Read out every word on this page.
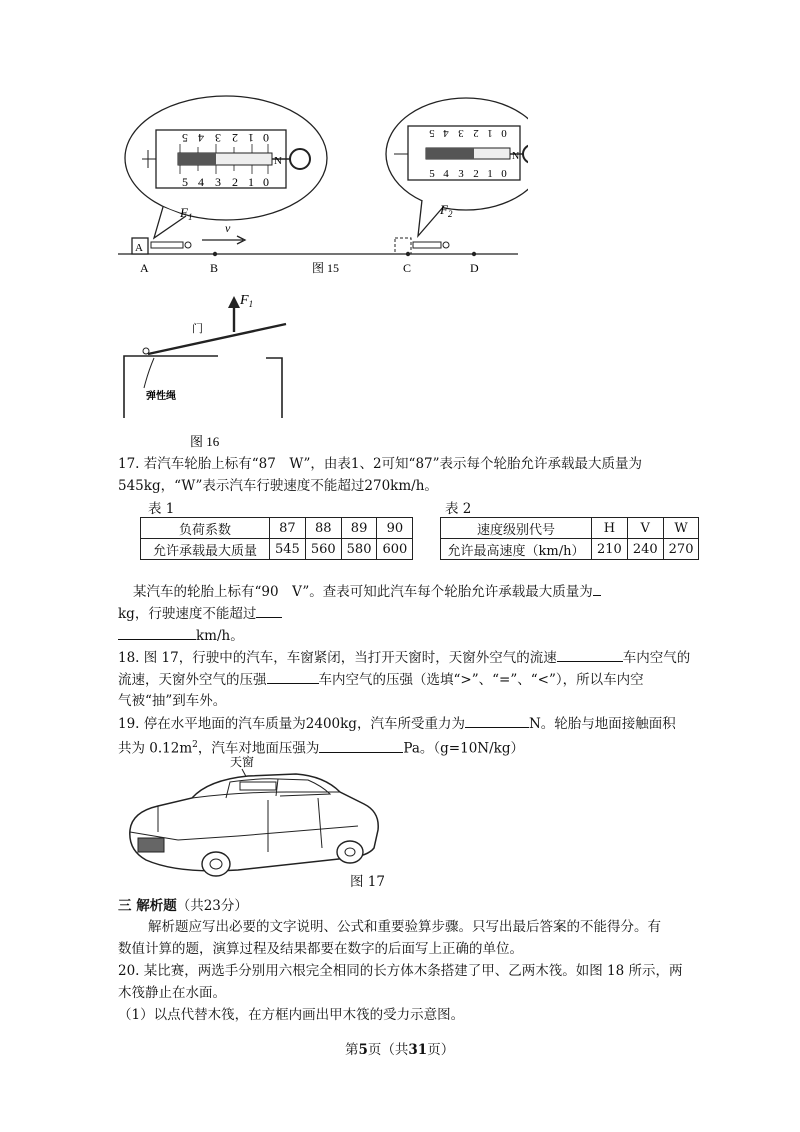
N
5 4 3 2 1 0
5 4 3 2 1 0
$F_1$
N
5 4 3 2 1 0
5 4 3 2 1 0
$F_2$
A
v
A	B	C	D
图 15
$F_1$
门
弹性绳
图 16
17. 若汽车轮胎上标有“87　W”，由表1、2可知“87”表示每个轮胎允许承载最大质量为
545kg，“W”表示汽车行驶速度不能超过270km/h。
表 1	表 2
负荷系数	87	88	89	90
允许承载最大质量	545	560	580	600
速度级别代号	H	V	W
允许最高速度（km/h）	210	240	270
某汽车的轮胎上标有“90　V”。查表可知此汽车每个轮胎允许承载最大质量为
kg，行驶速度不能超过
km/h。
18. 图 17，行驶中的汽车，车窗紧闭，当打开天窗时，天窗外空气的流速	车内空气的
流速，天窗外空气的压强	车内空气的压强（选填“>”、“=”、“<”），所以车内空
气被“抽”到车外。
19. 停在水平地面的汽车质量为2400kg，汽车所受重力为	N。轮胎与地面接触面积
共为 $0.12m^2$，汽车对地面压强为	Pa。（g=10N/kg）
天窗
图 17
三 解析题（共23分）
解析题应写出必要的文字说明、公式和重要验算步骤。只写出最后答案的不能得分。有
数值计算的题，演算过程及结果都要在数字的后面写上正确的单位。
20. 某比赛，两选手分别用六根完全相同的长方体木条搭建了甲、乙两木筏。如图 18 所示，两
木筏静止在水面。
（1）以点代替木筏，在方框内画出甲木筏的受力示意图。
第5页（共31页）
